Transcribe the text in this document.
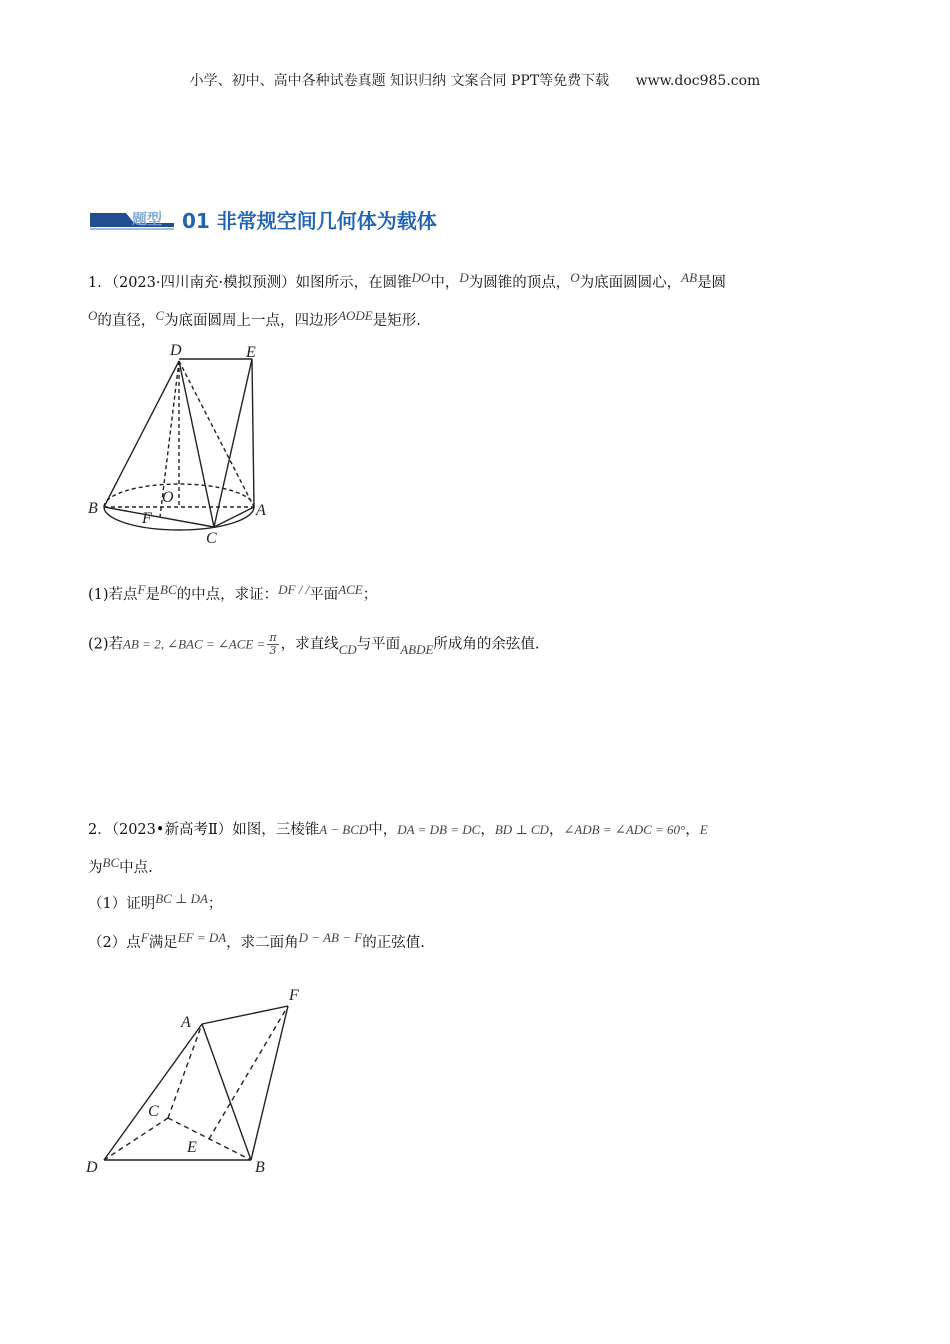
小学、初中、高中各种试卷真题 知识归纳 文案合同 PPT等免费下载 www.doc985.com
题型 01 非常规空间几何体为载体
1．（2023·四川南充·模拟预测）如图所示，在圆锥DO中，D为圆锥的顶点，O为底面圆圆心，AB是圆
O的直径，C为底面圆周上一点，四边形AODE是矩形.
D	E
B
O
A
F
C
(1)若点F是BC的中点，求证：DF / /平面ACE；
(2)若AB = 2, ∠BAC = ∠ACE = $\frac{\pi}{3}$ ，求直线CD与平面ABDE所成角的余弦值.
2．（2023•新高考Ⅱ）如图，三棱锥A − BCD中，DA = DB = DC，BD ⊥ CD，∠ADB = ∠ADC = 60°，E
为BC中点.
（1）证明BC ⊥ DA；
（2）点F满足EF = DA，求二面角D − AB − F的正弦值.
A
F
C
E
D	B
